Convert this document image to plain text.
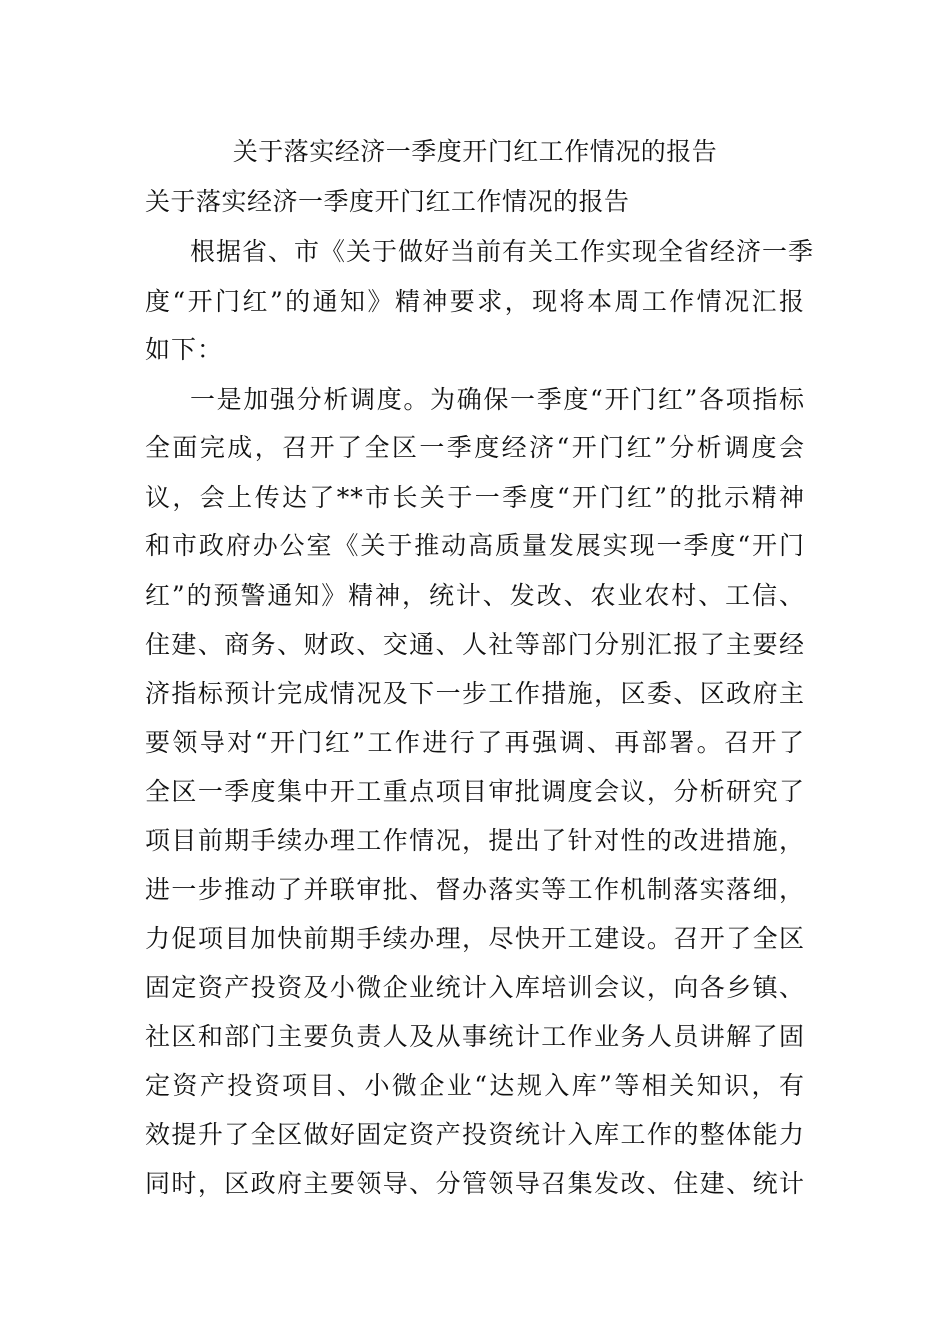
关于落实经济一季度开门红工作情况的报告
关于落实经济一季度开门红工作情况的报告
根据省、市《关于做好当前有关工作实现全省经济一季
度“开门红”的通知》精神要求，现将本周工作情况汇报
如下：
一是加强分析调度。为确保一季度“开门红”各项指标
全面完成，召开了全区一季度经济“开门红”分析调度会
议，会上传达了**市长关于一季度“开门红”的批示精神
和市政府办公室《关于推动高质量发展实现一季度“开门
红”的预警通知》精神，统计、发改、农业农村、工信、
住建、商务、财政、交通、人社等部门分别汇报了主要经
济指标预计完成情况及下一步工作措施，区委、区政府主
要领导对“开门红”工作进行了再强调、再部署。召开了
全区一季度集中开工重点项目审批调度会议，分析研究了
项目前期手续办理工作情况，提出了针对性的改进措施，
进一步推动了并联审批、督办落实等工作机制落实落细，
力促项目加快前期手续办理，尽快开工建设。召开了全区
固定资产投资及小微企业统计入库培训会议，向各乡镇、
社区和部门主要负责人及从事统计工作业务人员讲解了固
定资产投资项目、小微企业“达规入库”等相关知识，有
效提升了全区做好固定资产投资统计入库工作的整体能力
同时，区政府主要领导、分管领导召集发改、住建、统计
